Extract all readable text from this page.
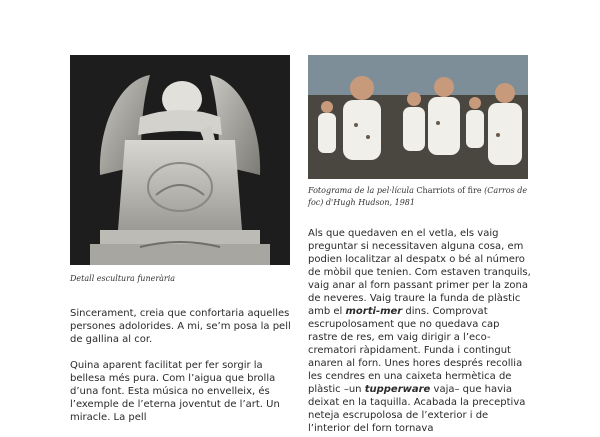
Detall escultura funerària

Sincerament, creia que confortaria aquelles persones adolorides. A mi, se’m posa la pell de gallina al cor.

Quina aparent facilitat per fer sorgir la bellesa més pura. Com l’aigua que brolla d’una font. Esta música no envelleix, és l’exemple de l’eterna joventut de l’art. Un miracle. La pell

Fotograma de la pel·lícula Charriots of fire (Carros de foc) d'Hugh Hudson, 1981

Als que quedaven en el vetla, els vaig preguntar si necessitaven alguna cosa, em podien localitzar al despatx o bé al número de mòbil que tenien. Com estaven tranquils, vaig anar al forn passant primer per la zona de neveres. Vaig traure la funda de plàstic amb el morti-mer dins. Comprovat escrupolosament que no quedava cap rastre de res, em vaig dirigir a l’eco-crematori ràpidament. Funda i contingut anaren al forn. Unes hores després recollia les cendres en una caixeta hermètica de plàstic –un tupperware vaja– que havia deixat en la taquilla. Acabada la preceptiva neteja escrupolosa de l’exterior i de l’interior del forn tornava
